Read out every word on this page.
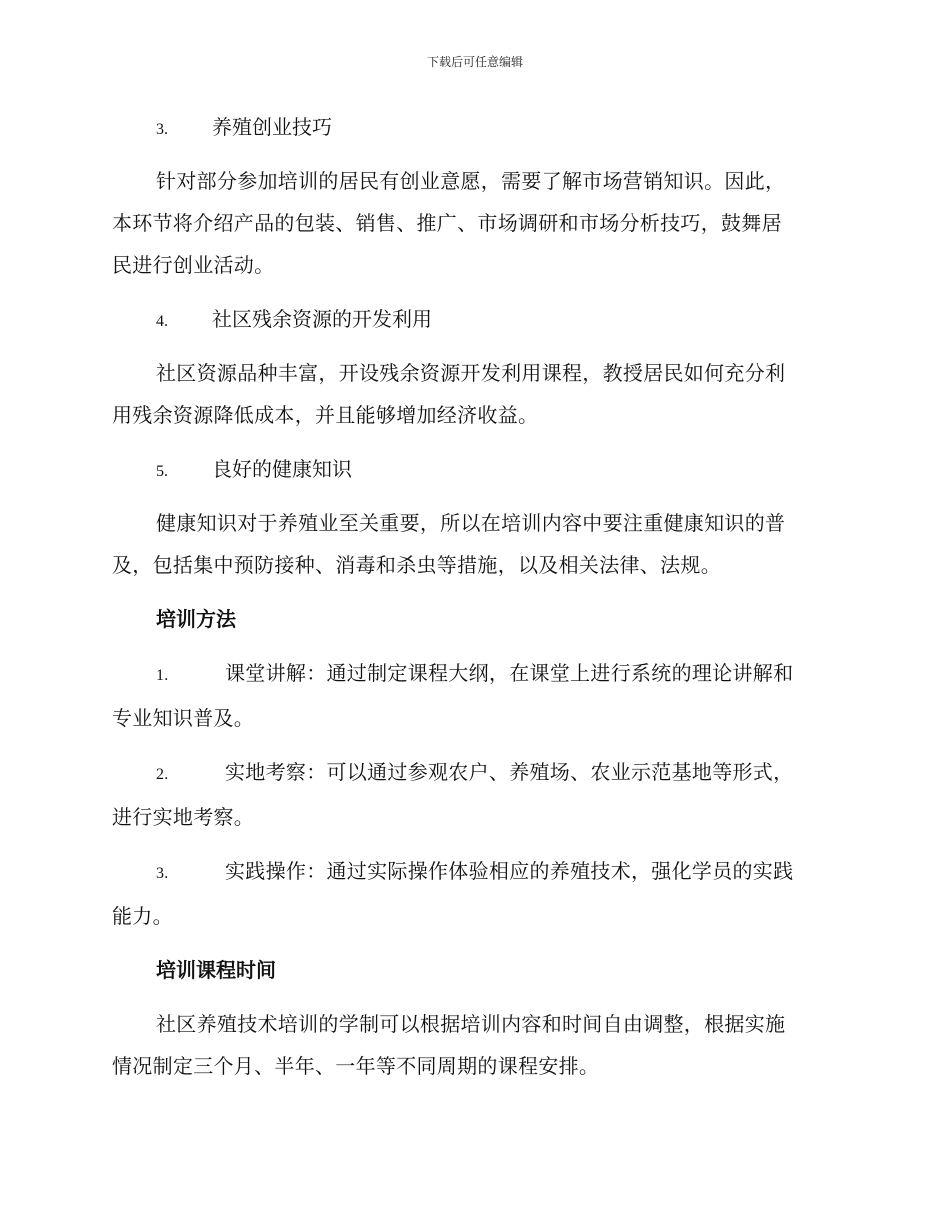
下载后可任意编辑
3. 养殖创业技巧

针对部分参加培训的居民有创业意愿，需要了解市场营销知识。因此，
本环节将介绍产品的包装、销售、推广、市场调研和市场分析技巧，鼓舞居
民进行创业活动。

4. 社区残余资源的开发利用

社区资源品种丰富，开设残余资源开发利用课程，教授居民如何充分利
用残余资源降低成本，并且能够增加经济收益。

5. 良好的健康知识

健康知识对于养殖业至关重要，所以在培训内容中要注重健康知识的普
及，包括集中预防接种、消毒和杀虫等措施，以及相关法律、法规。

培训方法
1.	课堂讲解：通过制定课程大纲，在课堂上进行系统的理论讲解和
专业知识普及。
2.	实地考察：可以通过参观农户、养殖场、农业示范基地等形式，
进行实地考察。
3.	实践操作：通过实际操作体验相应的养殖技术，强化学员的实践
能力。
培训课程时间

社区养殖技术培训的学制可以根据培训内容和时间自由调整，根据实施
情况制定三个月、半年、一年等不同周期的课程安排。
